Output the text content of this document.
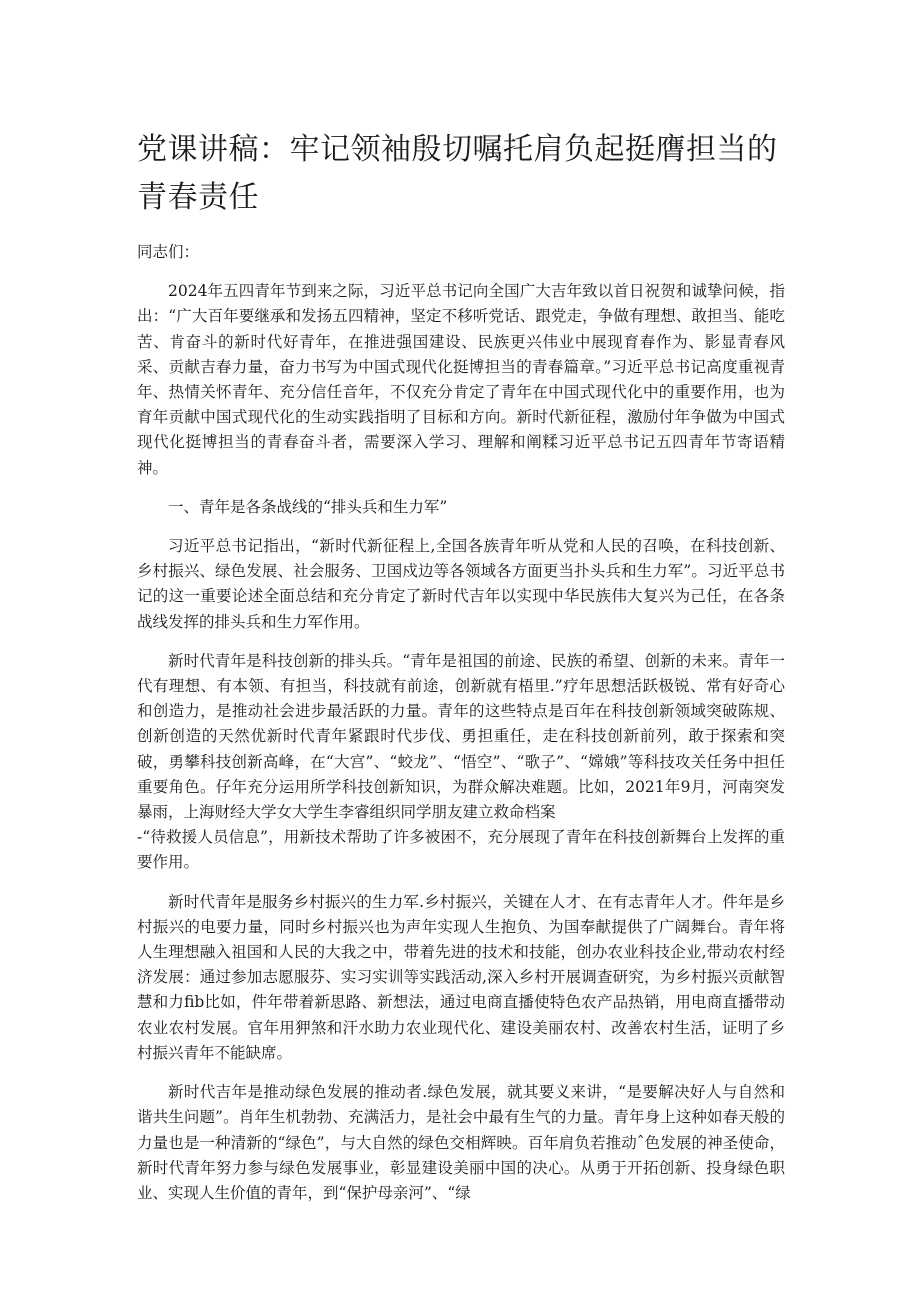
党课讲稿：牢记领袖殷切嘱托肩负起挺膺担当的青春责任

同志们：

2024年五四青年节到来之际，习近平总书记向全国广大吉年致以首日祝贺和诚挚问候，指出：“广大百年要继承和发扬五四精神，坚定不移听党话、跟党走，争做有理想、敢担当、能吃苦、肯奋斗的新时代好青年，在推进强国建设、民族更兴伟业中展现育春作为、影显青春风采、贡献吉春力量，奋力书写为中国式现代化挺博担当的青春篇章。”习近平总书记高度重视青年、热情关怀青年、充分信任音年，不仅充分肯定了青年在中国式现代化中的重要作用，也为育年贡献中国式现代化的生动实践指明了目标和方向。新时代新征程，激励付年争做为中国式现代化挺博担当的青春奋斗者，需要深入学习、理解和阐糅习近平总书记五四青年节寄语精神。

一、青年是各条战线的“排头兵和生力军”

习近平总书记指出，“新时代新征程上,全国各族青年听从党和人民的召唤，在科技创新、乡村振兴、绿色发展、社会服务、卫国戍边等各领域各方面更当扑头兵和生力军”。习近平总书记的这一重要论述全面总结和充分肯定了新时代吉年以实现中华民族伟大复兴为己任，在各条战线发挥的排头兵和生力军作用。

新时代青年是科技创新的排头兵。“青年是祖国的前途、民族的希望、创新的未来。青年一代有理想、有本领、有担当，科技就有前途，创新就有梧里.”疗年思想活跃极锐、常有好奇心和创造力，是推动社会进步最活跃的力量。青年的这些特点是百年在科技创新领域突破陈规、创新创造的天然优新时代青年紧跟时代步伐、勇担重任，走在科技创新前列，敢于探索和突破，勇攀科技创新高峰，在“大宫”、“蛟龙”、“悟空”、“歌子”、“嫦娥”等科技攻关任务中担任重要角色。仔年充分运用所学科技创新知识，为群众解决难题。比如，2021年9月，河南突发暴雨，上海财经大学女大学生李睿组织同学朋友建立救命档案

-“待救援人员信息”，用新技术帮助了许多被困不，充分展现了青年在科技创新舞台上发挥的重要作用。

新时代青年是服务乡村振兴的生力军.乡村振兴，关键在人才、在有志青年人才。件年是乡村振兴的电要力量，同时乡村振兴也为声年实现人生抱负、为国奉献提供了广阔舞台。青年将人生理想融入祖国和人民的大我之中，带着先进的技术和技能，创办农业科技企业,带动农村经济发展：通过参加志愿服芬、实习实训等实践活动,深入乡村开展调查研究，为乡村振兴贡献智慧和力fib比如，件年带着新思路、新想法，通过电商直播使特色农产品热销，用电商直播带动农业农村发展。官年用狎煞和汗水助力农业现代化、建设美丽农村、改善农村生活，证明了乡村振兴青年不能缺席。

新时代吉年是推动绿色发展的推动者.绿色发展，就其要义来讲，“是要解决好人与自然和谐共生问题”。肖年生机勃勃、充满活力，是社会中最有生气的力量。青年身上这种如春天般的力量也是一种清新的“绿色”，与大自然的绿色交相辉映。百年肩负若推动ˆ色发展的神圣使命，新时代青年努力参与绿色发展事业，彰显建设美丽中国的决心。从勇于开拓创新、投身绿色职业、实现人生价值的青年，到“保护母亲河”、“绿
